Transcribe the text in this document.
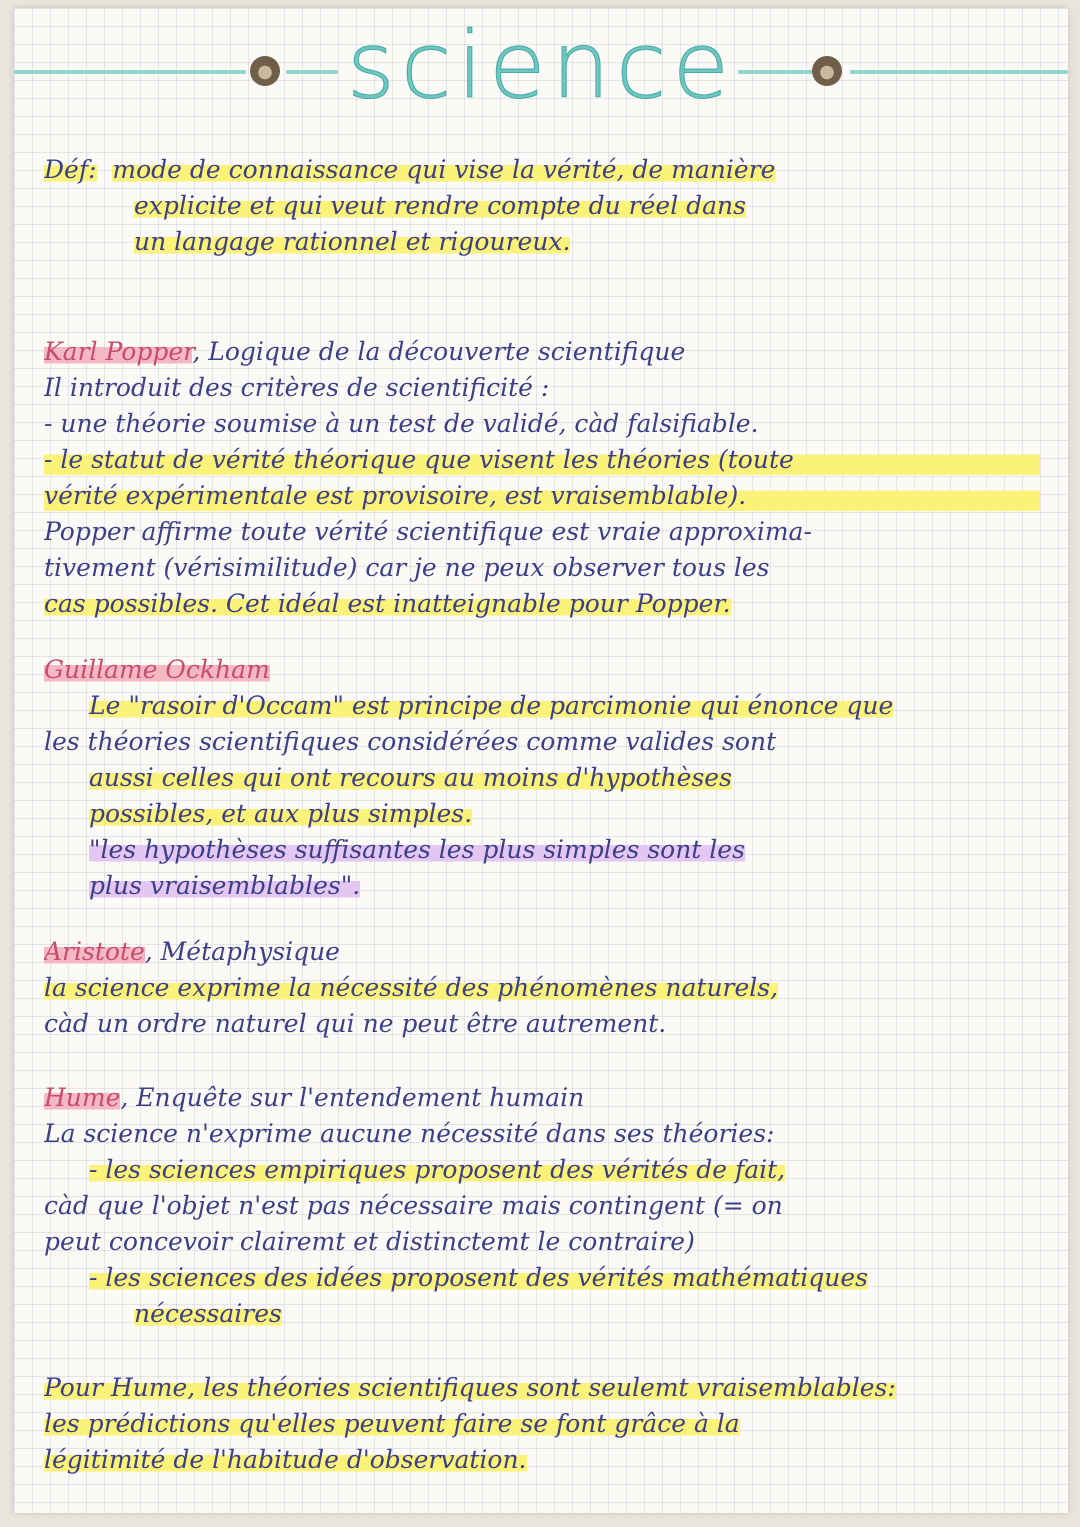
science
Déf: mode de connaissance qui vise la vérité, de manière
explicite et qui veut rendre compte du réel dans
un langage rationnel et rigoureux.
Karl Popper, Logique de la découverte scientifique
Il introduit des critères de scientificité :
- une théorie soumise à un test de validé, càd falsifiable.
- le statut de vérité théorique que visent les théories (toute
vérité expérimentale est provisoire, est vraisemblable).
Popper affirme toute vérité scientifique est vraie approxima-
tivement (vérisimilitude) car je ne peux observer tous les
cas possibles. Cet idéal est inatteignable pour Popper.
Guillame Ockham
Le "rasoir d'Occam" est principe de parcimonie qui énonce que
les théories scientifiques considérées comme valides sont
aussi celles qui ont recours au moins d'hypothèses
possibles, et aux plus simples.
"les hypothèses suffisantes les plus simples sont les
plus vraisemblables".
Aristote, Métaphysique
la science exprime la nécessité des phénomènes naturels,
càd un ordre naturel qui ne peut être autrement.
Hume, Enquête sur l'entendement humain
La science n'exprime aucune nécessité dans ses théories:
- les sciences empiriques proposent des vérités de fait,
càd que l'objet n'est pas nécessaire mais contingent (= on
peut concevoir clairemt et distinctemt le contraire)
- les sciences des idées proposent des vérités mathématiques
nécessaires
Pour Hume, les théories scientifiques sont seulemt vraisemblables:
les prédictions qu'elles peuvent faire se font grâce à la
légitimité de l'habitude d'observation.
